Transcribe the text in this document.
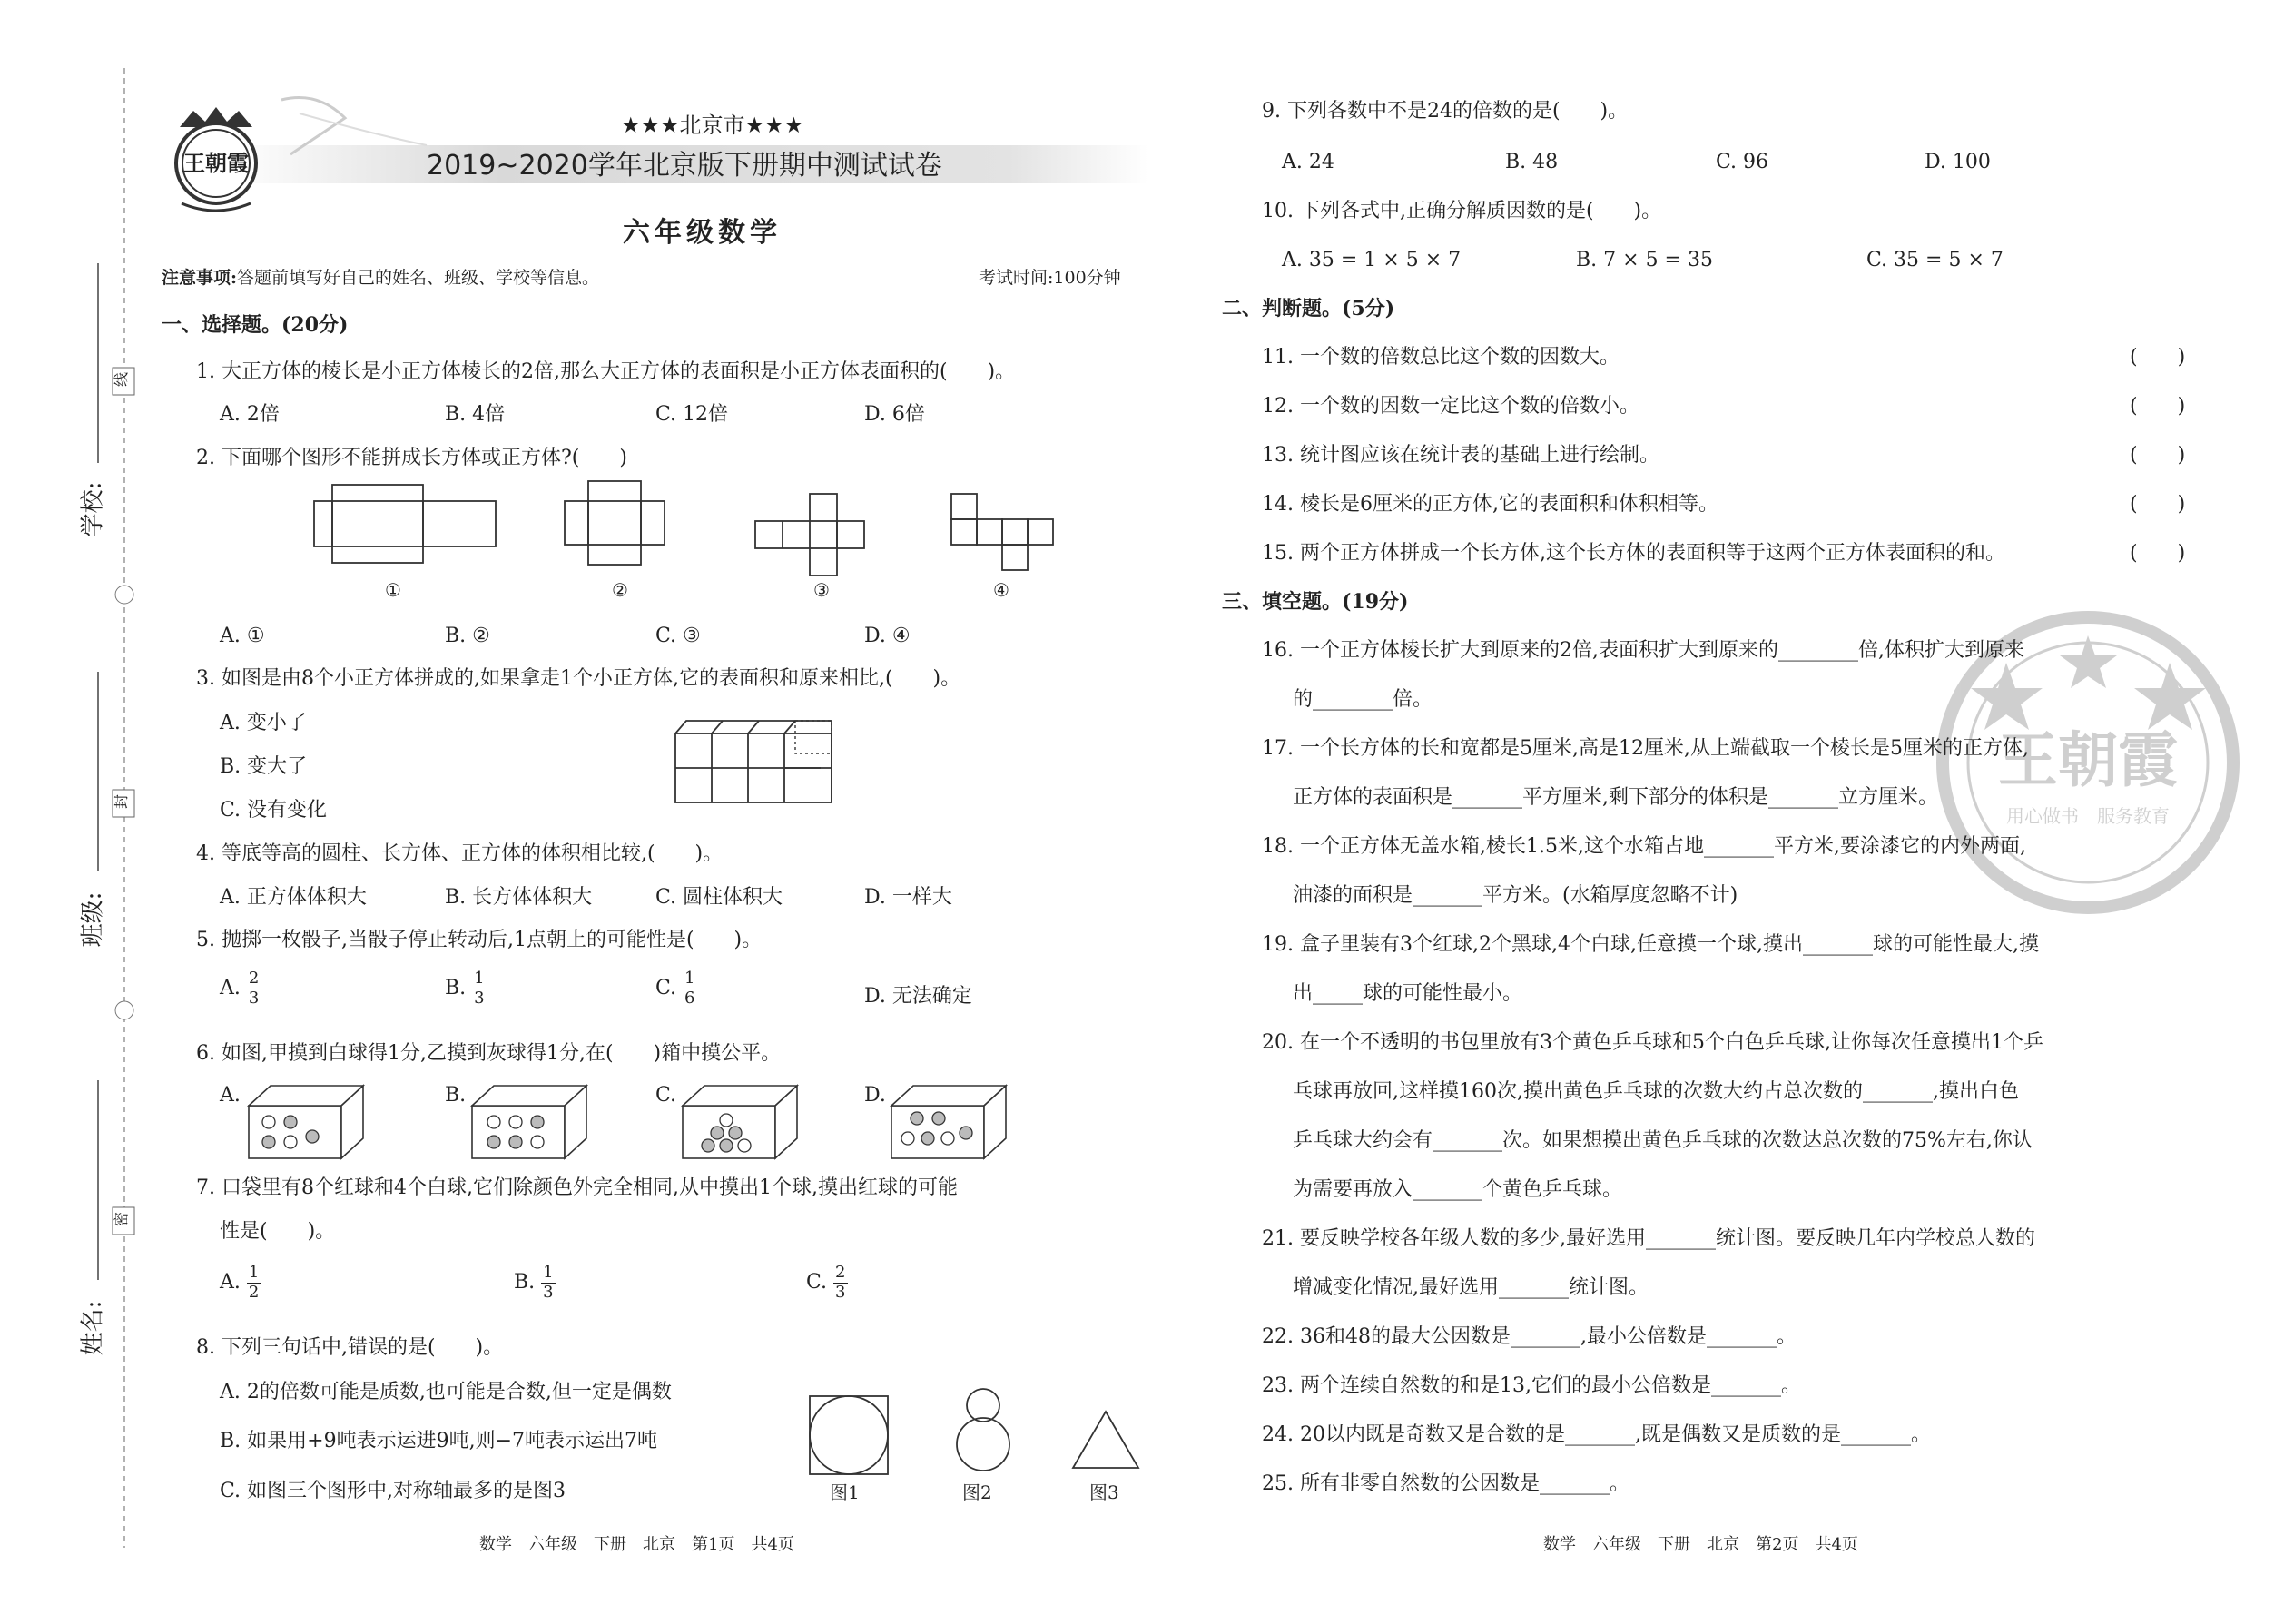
学校:
班级:
姓名:
线
封
密
王朝霞
★★★北京市★★★
2019~2020学年北京版下册期中测试试卷
六年级数学
注意事项:答题前填写好自己的姓名、班级、学校等信息。	考试时间:100分钟
一、选择题。(20分)
1. 大正方体的棱长是小正方体棱长的2倍,那么大正方体的表面积是小正方体表面积的(　　)。
A. 2倍	B. 4倍	C. 12倍	D. 6倍
2. 下面哪个图形不能拼成长方体或正方体?(　　)
①	②	③	④
A. ①	B. ②	C. ③	D. ④
3. 如图是由8个小正方体拼成的,如果拿走1个小正方体,它的表面积和原来相比,(　　)。
A. 变小了
B. 变大了
C. 没有变化
4. 等底等高的圆柱、长方体、正方体的体积相比较,(　　)。
A. 正方体体积大	B. 长方体体积大	C. 圆柱体积大	D. 一样大
5. 抛掷一枚骰子,当骰子停止转动后,1点朝上的可能性是(　　)。
A. $\frac{2}{3}$	B. $\frac{1}{3}$	C. $\frac{1}{6}$	D. 无法确定
6. 如图,甲摸到白球得1分,乙摸到灰球得1分,在(　　)箱中摸公平。
A.	B.	C.	D.
7. 口袋里有8个红球和4个白球,它们除颜色外完全相同,从中摸出1个球,摸出红球的可能
性是(　　)。
A. $\frac{1}{2}$	B. $\frac{1}{3}$	C. $\frac{2}{3}$
8. 下列三句话中,错误的是(　　)。
A. 2的倍数可能是质数,也可能是合数,但一定是偶数
B. 如果用+9吨表示运进9吨,则−7吨表示运出7吨
C. 如图三个图形中,对称轴最多的是图3	图1	图2	图3
数学　六年级　下册　北京　第1页　共4页
王朝霞
用心做书　服务教育
9. 下列各数中不是24的倍数的是(　　)。
A. 24	B. 48	C. 96	D. 100
10. 下列各式中,正确分解质因数的是(　　)。
A. 35 = 1 × 5 × 7	B. 7 × 5 = 35	C. 35 = 5 × 7
二、判断题。(5分)
11. 一个数的倍数总比这个数的因数大。	(　　)
12. 一个数的因数一定比这个数的倍数小。	(　　)
13. 统计图应该在统计表的基础上进行绘制。	(　　)
14. 棱长是6厘米的正方体,它的表面积和体积相等。	(　　)
15. 两个正方体拼成一个长方体,这个长方体的表面积等于这两个正方体表面积的和。	(　　)
三、填空题。(19分)
16. 一个正方体棱长扩大到原来的2倍,表面积扩大到原来的________倍,体积扩大到原来
的________倍。
17. 一个长方体的长和宽都是5厘米,高是12厘米,从上端截取一个棱长是5厘米的正方体,
正方体的表面积是_______平方厘米,剩下部分的体积是_______立方厘米。
18. 一个正方体无盖水箱,棱长1.5米,这个水箱占地_______平方米,要涂漆它的内外两面,
油漆的面积是_______平方米。(水箱厚度忽略不计)
19. 盒子里装有3个红球,2个黑球,4个白球,任意摸一个球,摸出_______球的可能性最大,摸
出_____球的可能性最小。
20. 在一个不透明的书包里放有3个黄色乒乓球和5个白色乒乓球,让你每次任意摸出1个乒
乓球再放回,这样摸160次,摸出黄色乒乓球的次数大约占总次数的_______,摸出白色
乒乓球大约会有_______次。如果想摸出黄色乒乓球的次数达总次数的75%左右,你认
为需要再放入_______个黄色乒乓球。
21. 要反映学校各年级人数的多少,最好选用_______统计图。要反映几年内学校总人数的
增减变化情况,最好选用_______统计图。
22. 36和48的最大公因数是_______,最小公倍数是_______。
23. 两个连续自然数的和是13,它们的最小公倍数是_______。
24. 20以内既是奇数又是合数的是_______,既是偶数又是质数的是_______。
25. 所有非零自然数的公因数是_______。
数学　六年级　下册　北京　第2页　共4页
